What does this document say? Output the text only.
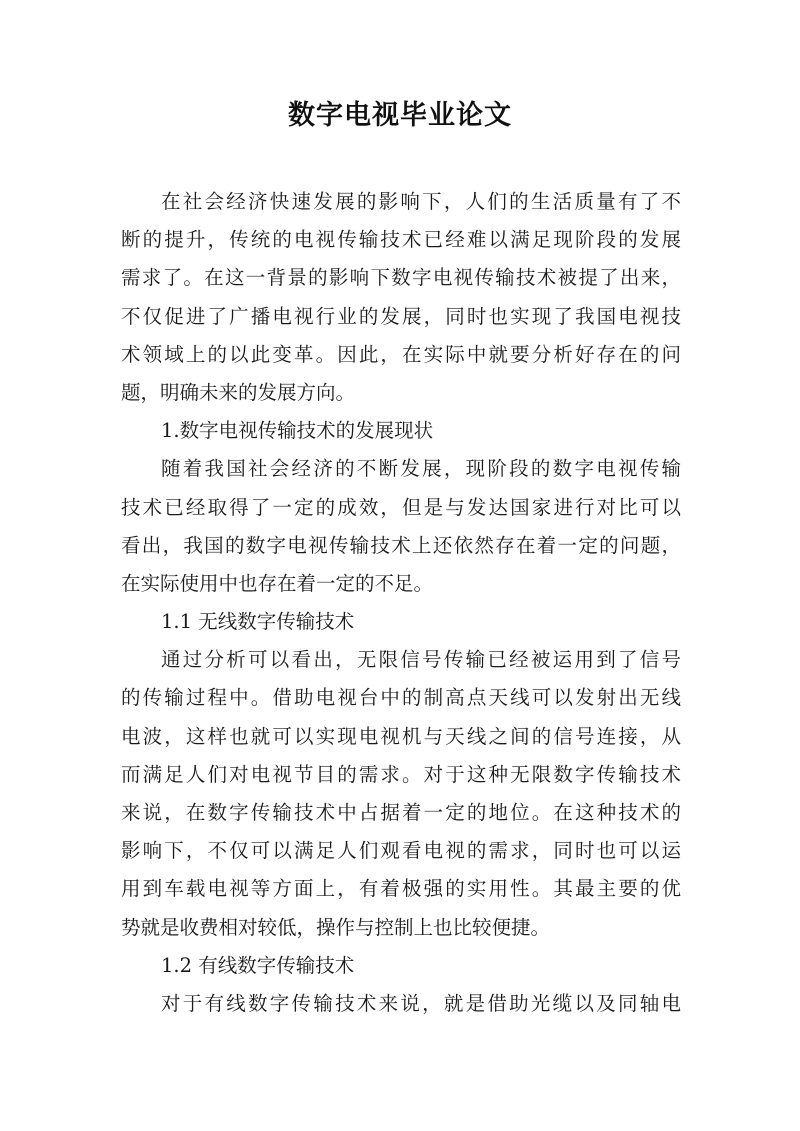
数字电视毕业论文
在社会经济快速发展的影响下，人们的生活质量有了不
断的提升，传统的电视传输技术已经难以满足现阶段的发展
需求了。在这一背景的影响下数字电视传输技术被提了出来，
不仅促进了广播电视行业的发展，同时也实现了我国电视技
术领域上的以此变革。因此，在实际中就要分析好存在的问
题，明确未来的发展方向。
1.数字电视传输技术的发展现状
随着我国社会经济的不断发展，现阶段的数字电视传输
技术已经取得了一定的成效，但是与发达国家进行对比可以
看出，我国的数字电视传输技术上还依然存在着一定的问题，
在实际使用中也存在着一定的不足。
1.1 无线数字传输技术
通过分析可以看出，无限信号传输已经被运用到了信号
的传输过程中。借助电视台中的制高点天线可以发射出无线
电波，这样也就可以实现电视机与天线之间的信号连接，从
而满足人们对电视节目的需求。对于这种无限数字传输技术
来说，在数字传输技术中占据着一定的地位。在这种技术的
影响下，不仅可以满足人们观看电视的需求，同时也可以运
用到车载电视等方面上，有着极强的实用性。其最主要的优
势就是收费相对较低，操作与控制上也比较便捷。
1.2 有线数字传输技术
对于有线数字传输技术来说，就是借助光缆以及同轴电
